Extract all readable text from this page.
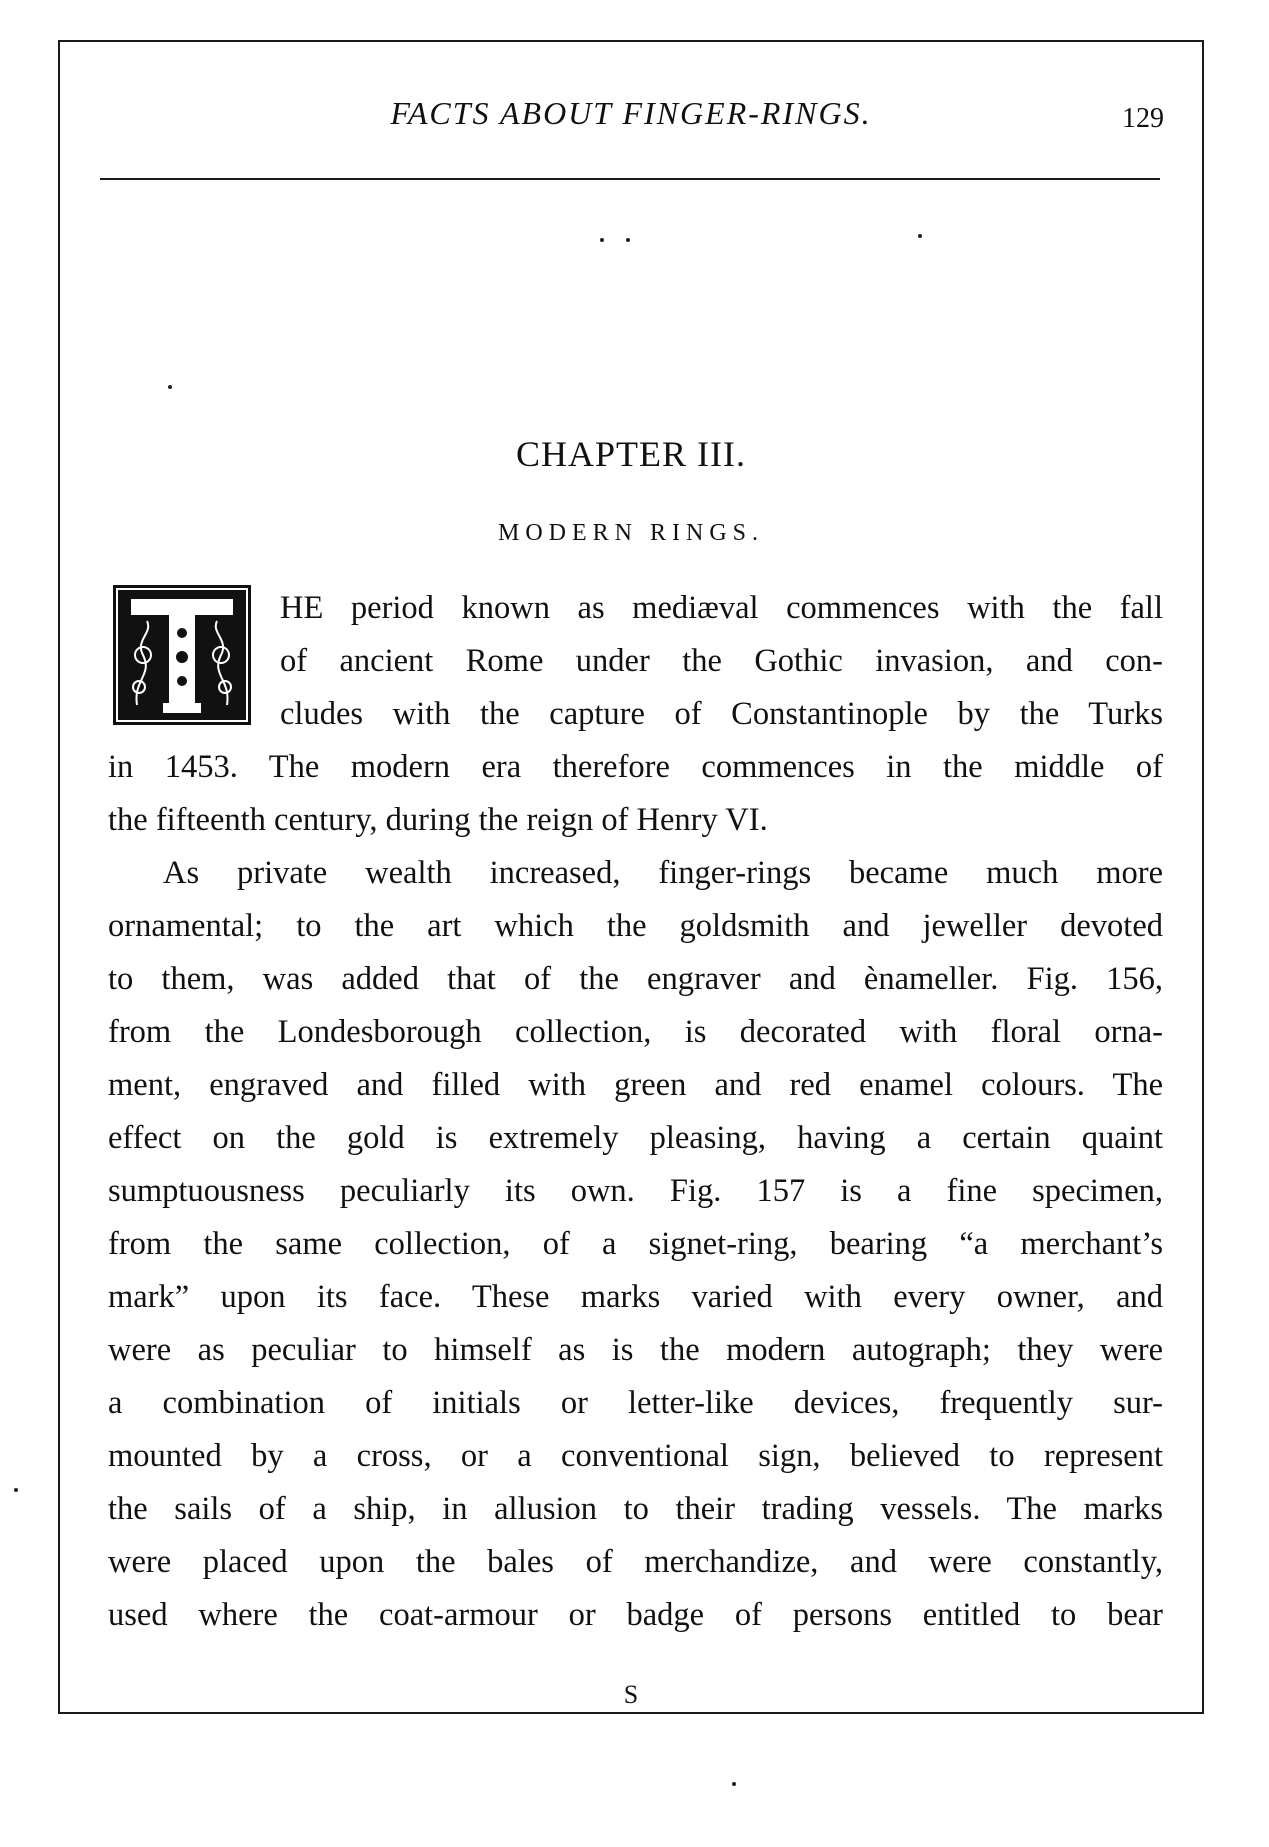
FACTS ABOUT FINGER-RINGS.	129
CHAPTER III.
MODERN RINGS.
HE period known as mediæval commences with the fall
of ancient Rome under the Gothic invasion, and con-
cludes with the capture of Constantinople by the Turks
in 1453. The modern era therefore commences in the middle of
the fifteenth century, during the reign of Henry VI.
As private wealth increased, finger-rings became much more
ornamental; to the art which the goldsmith and jeweller devoted
to them, was added that of the engraver and ènameller. Fig. 156,
from the Londesborough collection, is decorated with floral orna-
ment, engraved and filled with green and red enamel colours. The
effect on the gold is extremely pleasing, having a certain quaint
sumptuousness peculiarly its own. Fig. 157 is a fine specimen,
from the same collection, of a signet-ring, bearing “a merchant’s
mark” upon its face. These marks varied with every owner, and
were as peculiar to himself as is the modern autograph; they were
a combination of initials or letter-like devices, frequently sur-
mounted by a cross, or a conventional sign, believed to represent
the sails of a ship, in allusion to their trading vessels. The marks
were placed upon the bales of merchandize, and were constantly,
used where the coat-armour or badge of persons entitled to bear
S
